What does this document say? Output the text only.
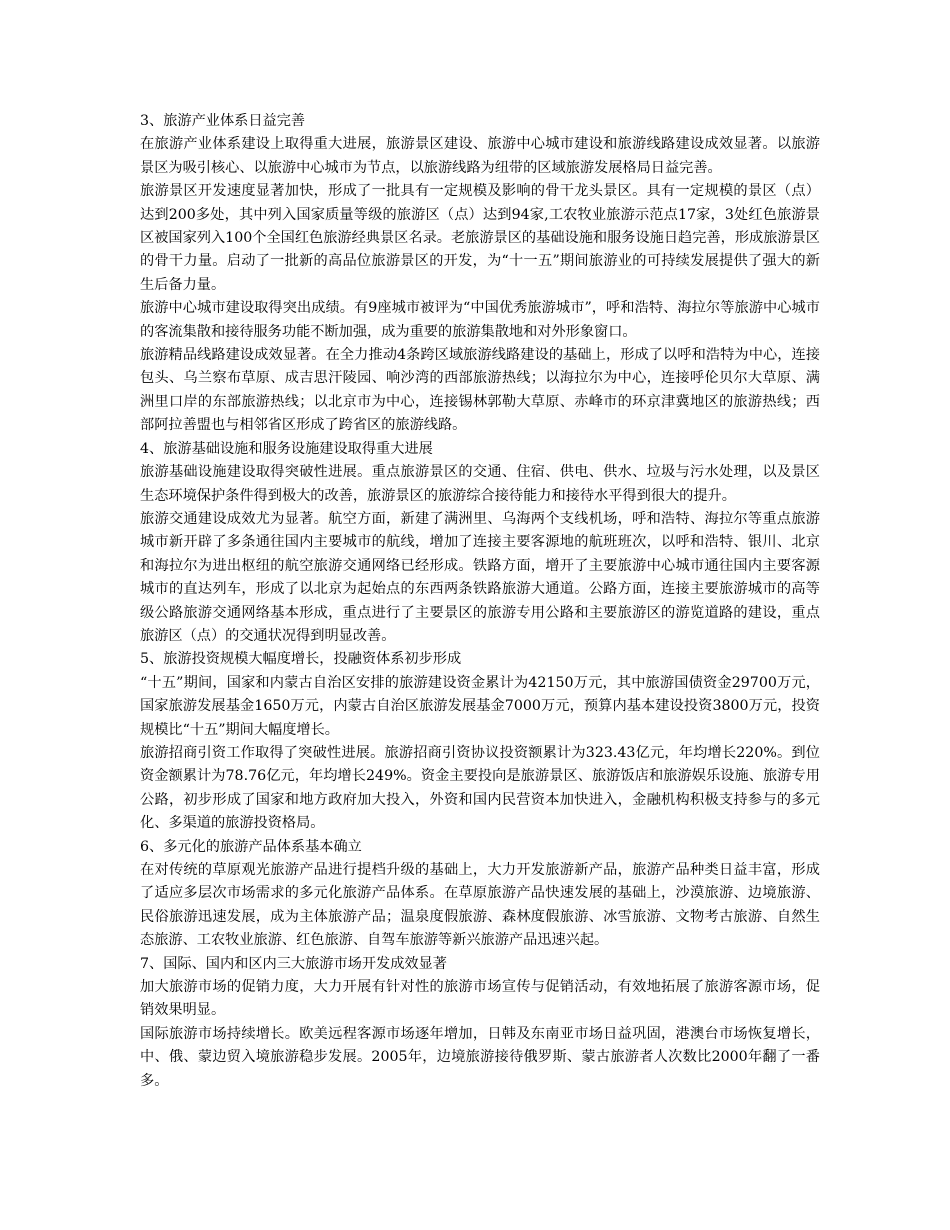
3、旅游产业体系日益完善

在旅游产业体系建设上取得重大进展，旅游景区建设、旅游中心城市建设和旅游线路建设成效显著。以旅游景区为吸引核心、以旅游中心城市为节点，以旅游线路为纽带的区域旅游发展格局日益完善。

旅游景区开发速度显著加快，形成了一批具有一定规模及影响的骨干龙头景区。具有一定规模的景区（点）达到200多处，其中列入国家质量等级的旅游区（点）达到94家,工农牧业旅游示范点17家，3处红色旅游景区被国家列入100个全国红色旅游经典景区名录。老旅游景区的基础设施和服务设施日趋完善，形成旅游景区的骨干力量。启动了一批新的高品位旅游景区的开发，为“十一五”期间旅游业的可持续发展提供了强大的新生后备力量。

旅游中心城市建设取得突出成绩。有9座城市被评为“中国优秀旅游城市”，呼和浩特、海拉尔等旅游中心城市的客流集散和接待服务功能不断加强，成为重要的旅游集散地和对外形象窗口。

旅游精品线路建设成效显著。在全力推动4条跨区域旅游线路建设的基础上，形成了以呼和浩特为中心，连接包头、乌兰察布草原、成吉思汗陵园、响沙湾的西部旅游热线；以海拉尔为中心，连接呼伦贝尔大草原、满洲里口岸的东部旅游热线；以北京市为中心，连接锡林郭勒大草原、赤峰市的环京津冀地区的旅游热线；西部阿拉善盟也与相邻省区形成了跨省区的旅游线路。

4、旅游基础设施和服务设施建设取得重大进展

旅游基础设施建设取得突破性进展。重点旅游景区的交通、住宿、供电、供水、垃圾与污水处理，以及景区生态环境保护条件得到极大的改善，旅游景区的旅游综合接待能力和接待水平得到很大的提升。

旅游交通建设成效尤为显著。航空方面，新建了满洲里、乌海两个支线机场，呼和浩特、海拉尔等重点旅游城市新开辟了多条通往国内主要城市的航线，增加了连接主要客源地的航班班次，以呼和浩特、银川、北京和海拉尔为进出枢纽的航空旅游交通网络已经形成。铁路方面，增开了主要旅游中心城市通往国内主要客源城市的直达列车，形成了以北京为起始点的东西两条铁路旅游大通道。公路方面，连接主要旅游城市的高等级公路旅游交通网络基本形成，重点进行了主要景区的旅游专用公路和主要旅游区的游览道路的建设，重点旅游区（点）的交通状况得到明显改善。

5、旅游投资规模大幅度增长，投融资体系初步形成

“十五”期间，国家和内蒙古自治区安排的旅游建设资金累计为42150万元，其中旅游国债资金29700万元，国家旅游发展基金1650万元，内蒙古自治区旅游发展基金7000万元，预算内基本建设投资3800万元，投资规模比“十五”期间大幅度增长。

旅游招商引资工作取得了突破性进展。旅游招商引资协议投资额累计为323.43亿元，年均增长220%。到位资金额累计为78.76亿元，年均增长249%。资金主要投向是旅游景区、旅游饭店和旅游娱乐设施、旅游专用公路，初步形成了国家和地方政府加大投入，外资和国内民营资本加快进入，金融机构积极支持参与的多元化、多渠道的旅游投资格局。

6、多元化的旅游产品体系基本确立

在对传统的草原观光旅游产品进行提档升级的基础上，大力开发旅游新产品，旅游产品种类日益丰富，形成了适应多层次市场需求的多元化旅游产品体系。在草原旅游产品快速发展的基础上，沙漠旅游、边境旅游、民俗旅游迅速发展，成为主体旅游产品；温泉度假旅游、森林度假旅游、冰雪旅游、文物考古旅游、自然生态旅游、工农牧业旅游、红色旅游、自驾车旅游等新兴旅游产品迅速兴起。

7、国际、国内和区内三大旅游市场开发成效显著

加大旅游市场的促销力度，大力开展有针对性的旅游市场宣传与促销活动，有效地拓展了旅游客源市场，促销效果明显。

国际旅游市场持续增长。欧美远程客源市场逐年增加，日韩及东南亚市场日益巩固，港澳台市场恢复增长，中、俄、蒙边贸入境旅游稳步发展。2005年，边境旅游接待俄罗斯、蒙古旅游者人次数比2000年翻了一番多。
